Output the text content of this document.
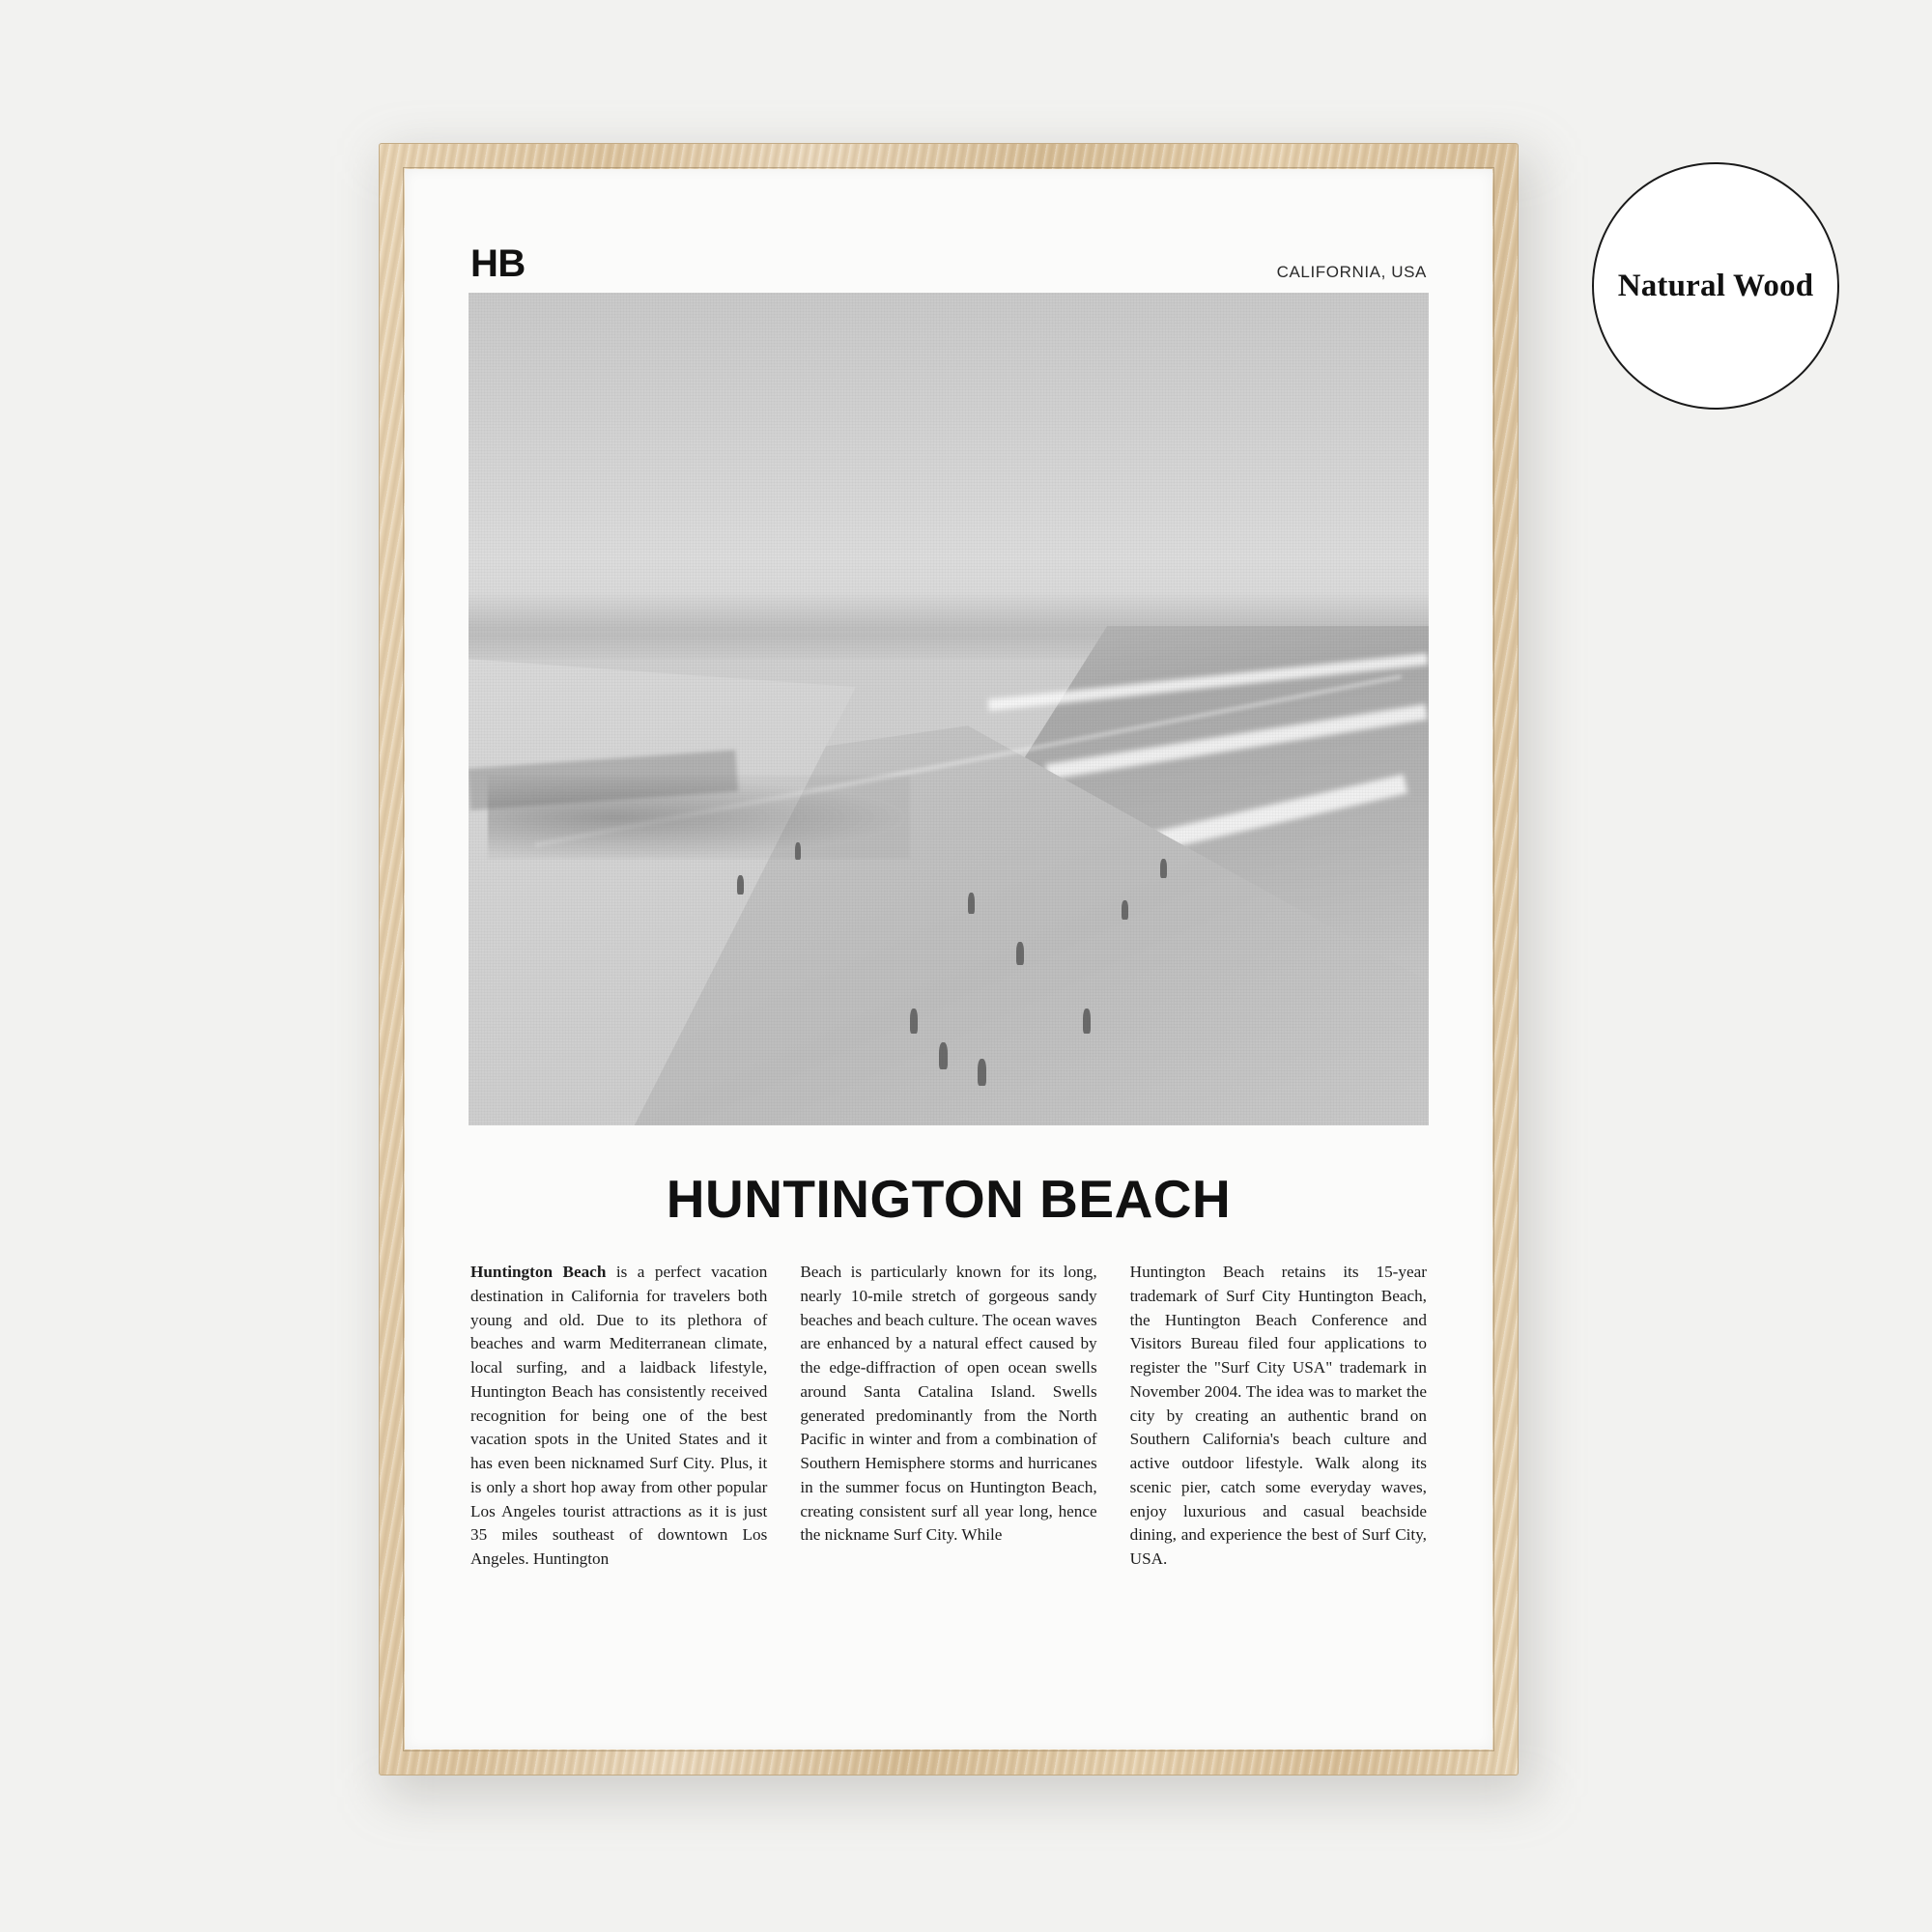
Natural Wood
HB	CALIFORNIA, USA
HUNTINGTON BEACH
Huntington Beach is a perfect vacation destination in California for travelers both young and old. Due to its plethora of beaches and warm Mediterranean climate, local surfing, and a laidback lifestyle, Huntington Beach has consistently received recognition for being one of the best vacation spots in the United States and it has even been nicknamed Surf City. Plus, it is only a short hop away from other popular Los Angeles tourist attractions as it is just 35 miles southeast of downtown Los Angeles. Huntington
Beach is particularly known for its long, nearly 10-mile stretch of gorgeous sandy beaches and beach culture. The ocean waves are enhanced by a natural effect caused by the edge-diffraction of open ocean swells around Santa Catalina Island. Swells generated predominantly from the North Pacific in winter and from a combination of Southern Hemisphere storms and hurricanes in the summer focus on Huntington Beach, creating consistent surf all year long, hence the nickname Surf City. While
Huntington Beach retains its 15-year trademark of Surf City Huntington Beach, the Huntington Beach Conference and Visitors Bureau filed four applications to register the "Surf City USA" trademark in November 2004. The idea was to market the city by creating an authentic brand on Southern California's beach culture and active outdoor lifestyle. Walk along its scenic pier, catch some everyday waves, enjoy luxurious and casual beachside dining, and experience the best of Surf City, USA.
